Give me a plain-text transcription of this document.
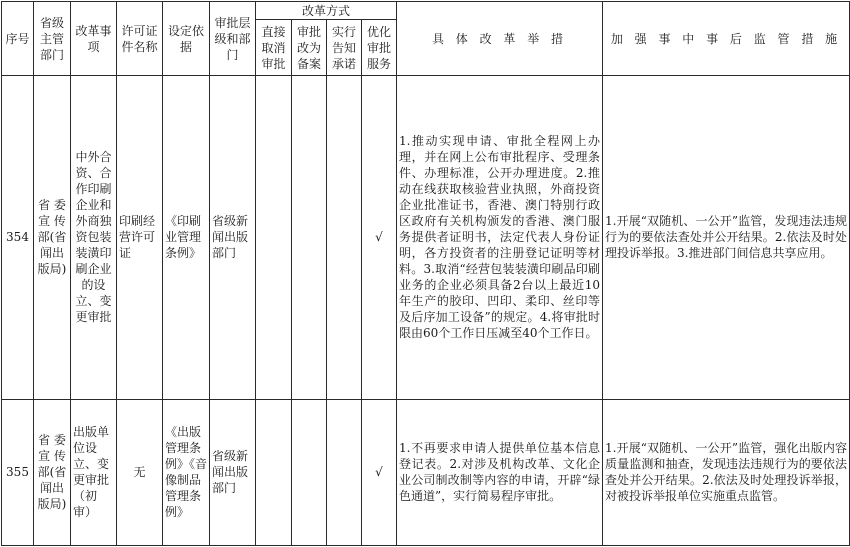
序号	省级主管部门	改革事项	许可证件名称	设定依据	审批层级和部门	改革方式				具 体 改 革 举 措	加 强 事 中 事 后 监 管 措 施
						直接取消审批	审批改为备案	实行告知承诺	优化审批服务		
354	省 委宣 传部(省闻出版局)	中外合资、合作印刷企业和外商独资包装装潢印刷企业的设立、变更审批	印刷经营许可证	《印刷业管理条例》	省级新闻出版部门				√	1.推动实现申请、审批全程网上办理，并在网上公布审批程序、受理条件、办理标准，公开办理进度。2.推动在线获取核验营业执照，外商投资企业批准证书，香港、澳门特别行政区政府有关机构颁发的香港、澳门服务提供者证明书，法定代表人身份证明，各方投资者的注册登记证明等材料。3.取消“经营包装装潢印刷品印刷业务的企业必须具备2台以上最近10年生产的胶印、凹印、柔印、丝印等及后序加工设备”的规定。4.将审批时限由60个工作日压减至40个工作日。	1.开展“双随机、一公开”监管，发现违法违规行为的要依法查处并公开结果。2.依法及时处理投诉举报。3.推进部门间信息共享应用。
355	省 委宣 传部(省闻出版局)	出版单位设立、变更审批（初审）	无	《出版管理条例》《音像制品管理条例》	省级新闻出版部门				√	1.不再要求申请人提供单位基本信息登记表。2.对涉及机构改革、文化企业公司制改制等内容的申请，开辟“绿色通道”，实行简易程序审批。	1.开展“双随机、一公开”监管，强化出版内容质量监测和抽查，发现违法违规行为的要依法查处并公开结果。2.依法及时处理投诉举报，对被投诉举报单位实施重点监管。
